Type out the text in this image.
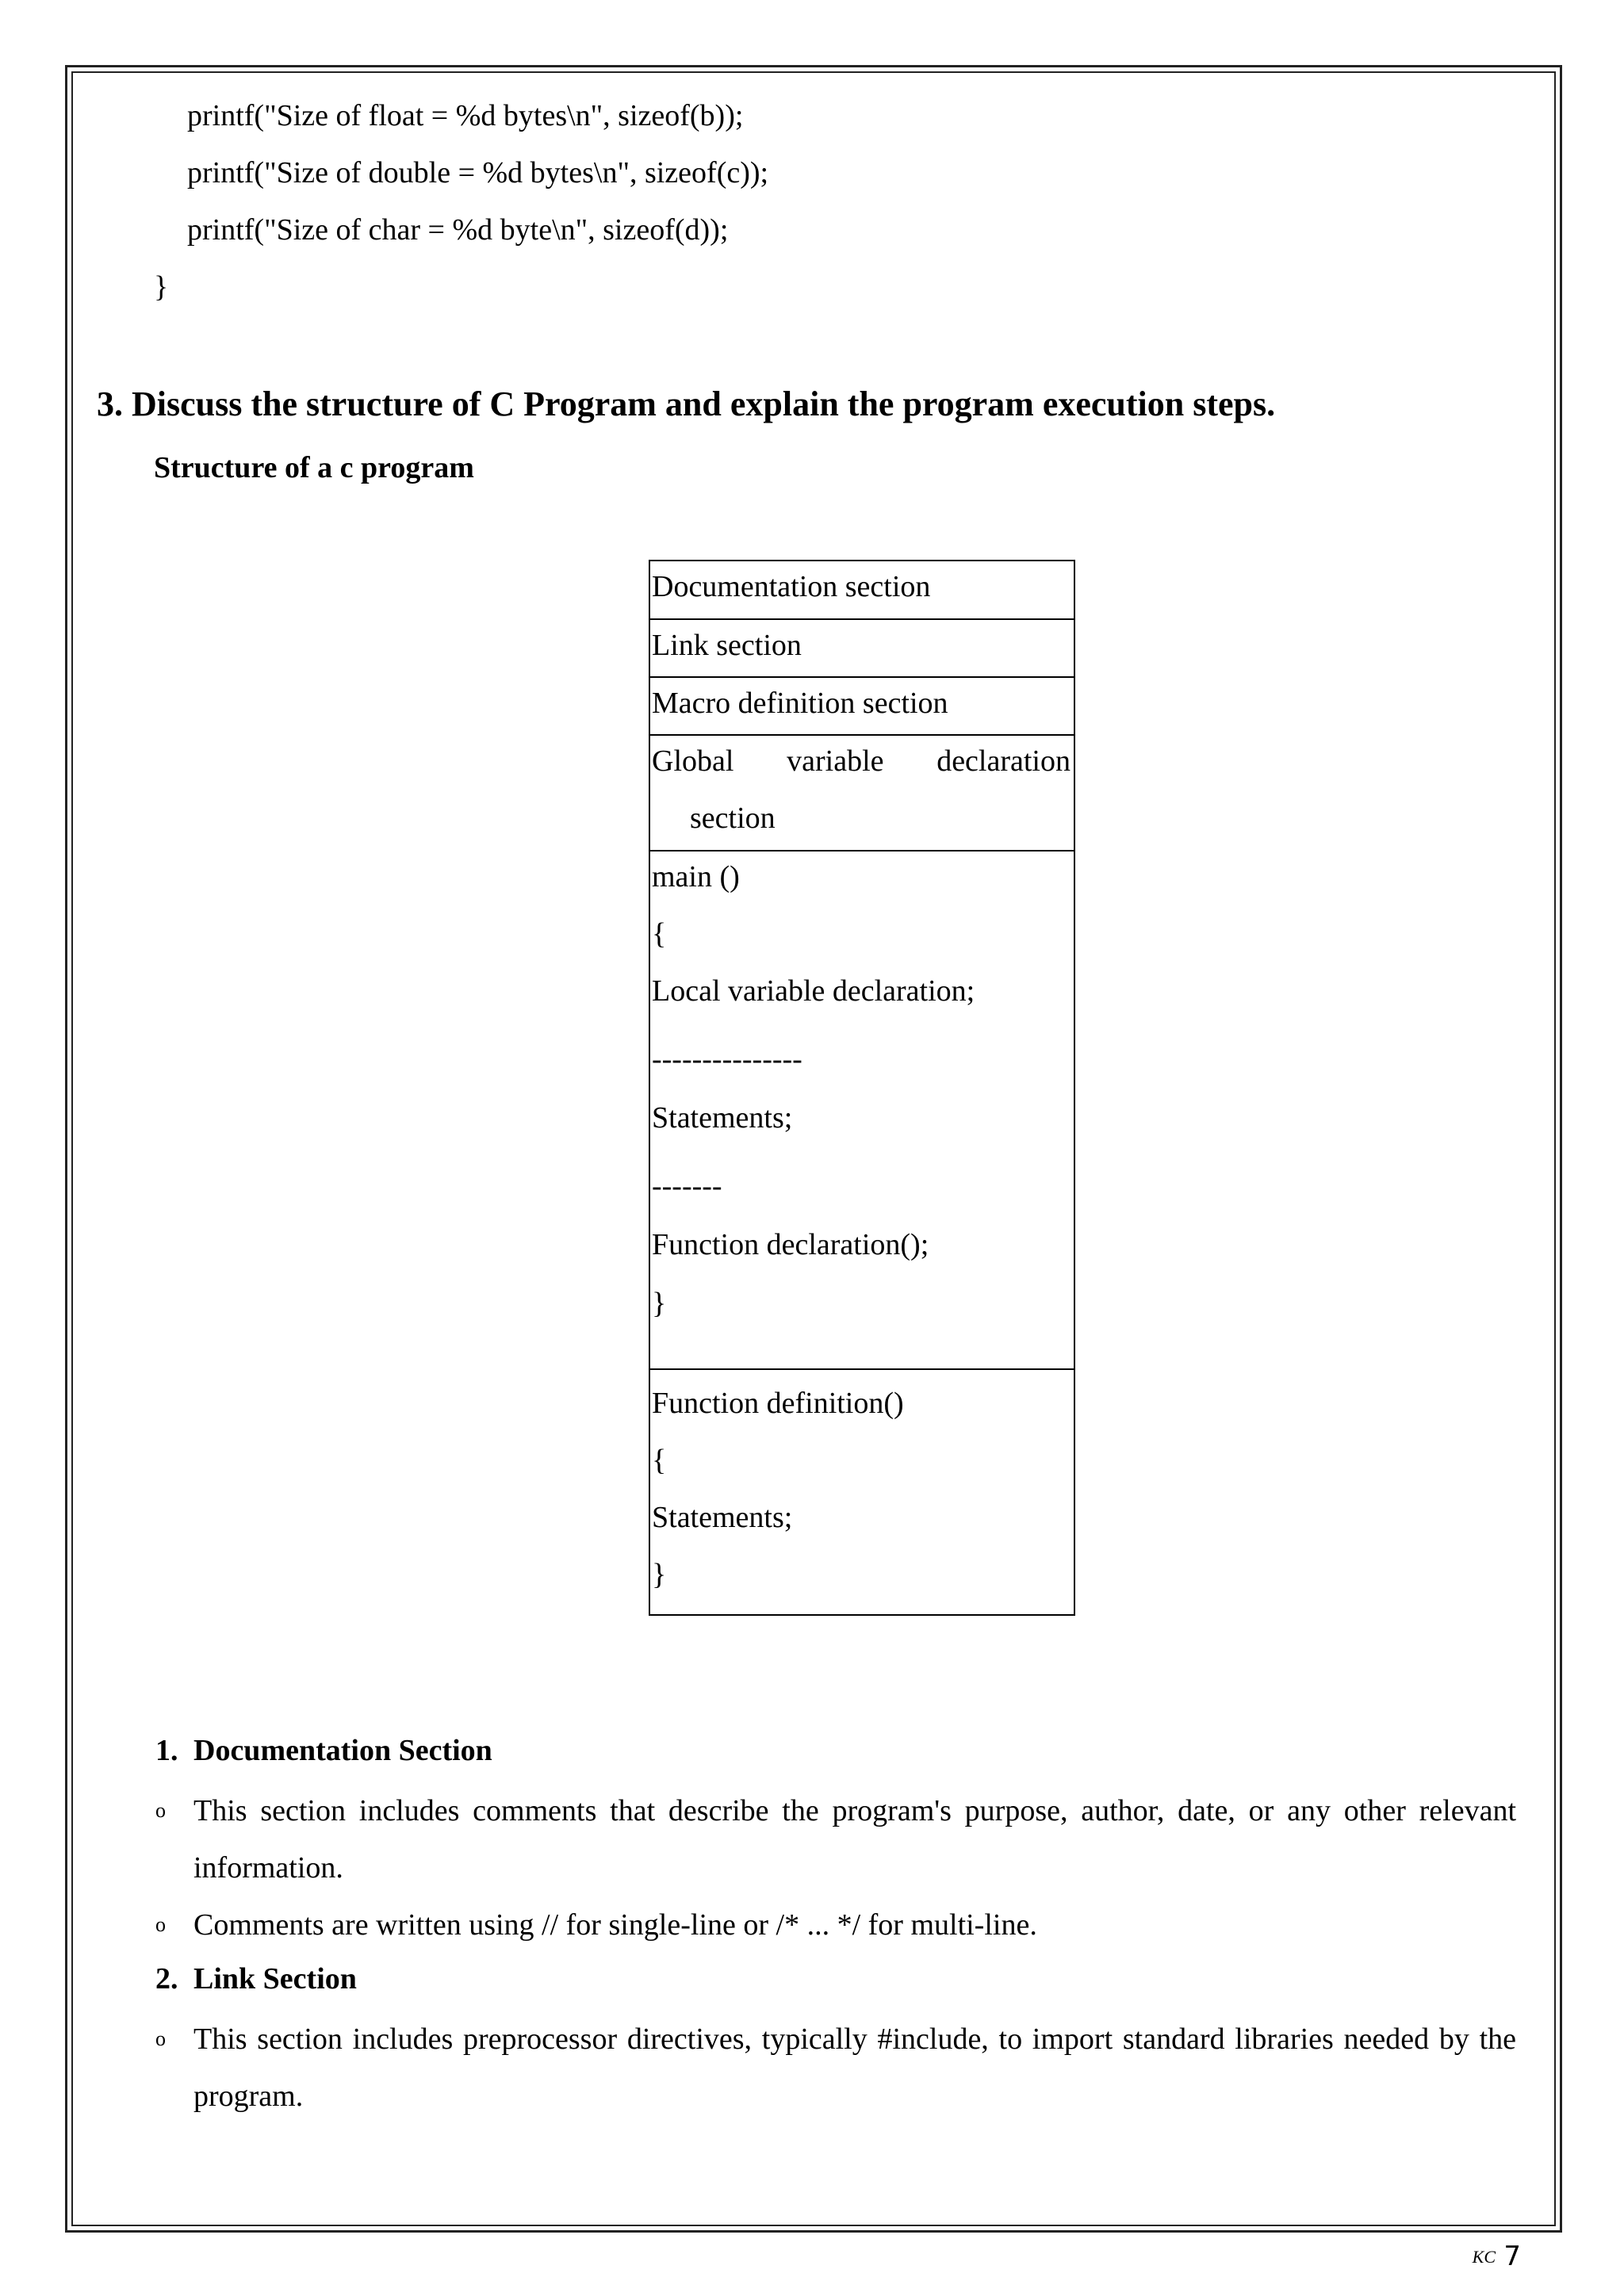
printf("Size of float = %d bytes\n", sizeof(b));
printf("Size of double = %d bytes\n", sizeof(c));
printf("Size of char = %d byte\n", sizeof(d));
}
3. Discuss the structure of C Program and explain the program execution steps.
Structure of a c program
Documentation section
Link section
Macro definition section
Global variable declaration
section
main ()
{
Local variable declaration;
---------------
Statements;
-------
Function declaration();
}
Function definition()
{
Statements;
}
1. Documentation Section
o This section includes comments that describe the program's purpose, author, date, or any other relevant information.
o Comments are written using // for single-line or /* ... */ for multi-line.
2. Link Section
o This section includes preprocessor directives, typically #include, to import standard libraries needed by the program.
KC 7
